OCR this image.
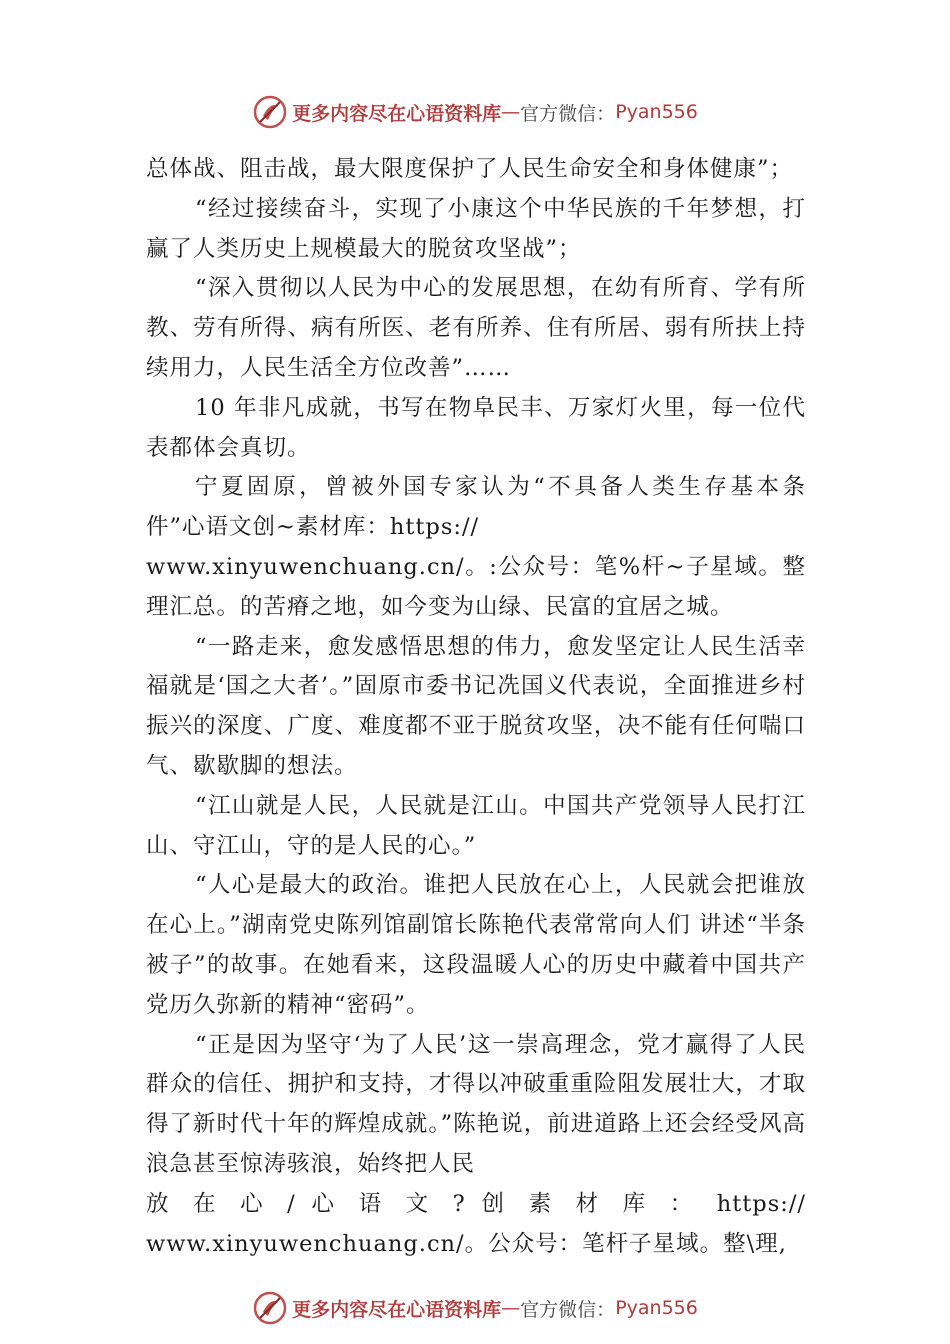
更多内容尽在心语资料库 — 官方微信： Pyan556

总体战、阻击战，最大限度保护了人民生命安全和身体健康”；

“经过接续奋斗，实现了小康这个中华民族的千年梦想，打赢了人类历史上规模最大的脱贫攻坚战”；

“深入贯彻以人民为中心的发展思想，在幼有所育、学有所教、劳有所得、病有所医、老有所养、住有所居、弱有所扶上持续用力，人民生活全方位改善”……

10 年非凡成就，书写在物阜民丰、万家灯火里，每一位代表都体会真切。

宁夏固原，曾被外国专家认为“不具备人类生存基本条件”心语文创~素材库：https://

www.xinyuwenchuang.cn/。:公众号：笔%杆~子星域。整理汇总。的苦瘠之地，如今变为山绿、民富的宜居之城。

“一路走来，愈发感悟思想的伟力，愈发坚定让人民生活幸福就是‘国之大者’。”固原市委书记冼国义代表说，全面推进乡村振兴的深度、广度、难度都不亚于脱贫攻坚，决不能有任何喘口气、歇歇脚的想法。

“江山就是人民，人民就是江山。中国共产党领导人民打江山、守江山，守的是人民的心。”

“人心是最大的政治。谁把人民放在心上，人民就会把谁放在心上。”湖南党史陈列馆副馆长陈艳代表常常向人们 讲述“半条被子”的故事。在她看来，这段温暖人心的历史中藏着中国共产党历久弥新的精神“密码”。

“正是因为坚守‘为了人民’这一崇高理念，党才赢得了人民群众的信任、拥护和支持，才得以冲破重重险阻发展壮大，才取得了新时代十年的辉煌成就。”陈艳说，前进道路上还会经受风高浪急甚至惊涛骇浪，始终把人民

放 在 心 / 心 语 文 ? 创 素 材 库 ： https://

www.xinyuwenchuang.cn/。公众号：笔杆子星域。整\理,

更多内容尽在心语资料库 — 官方微信： Pyan556
